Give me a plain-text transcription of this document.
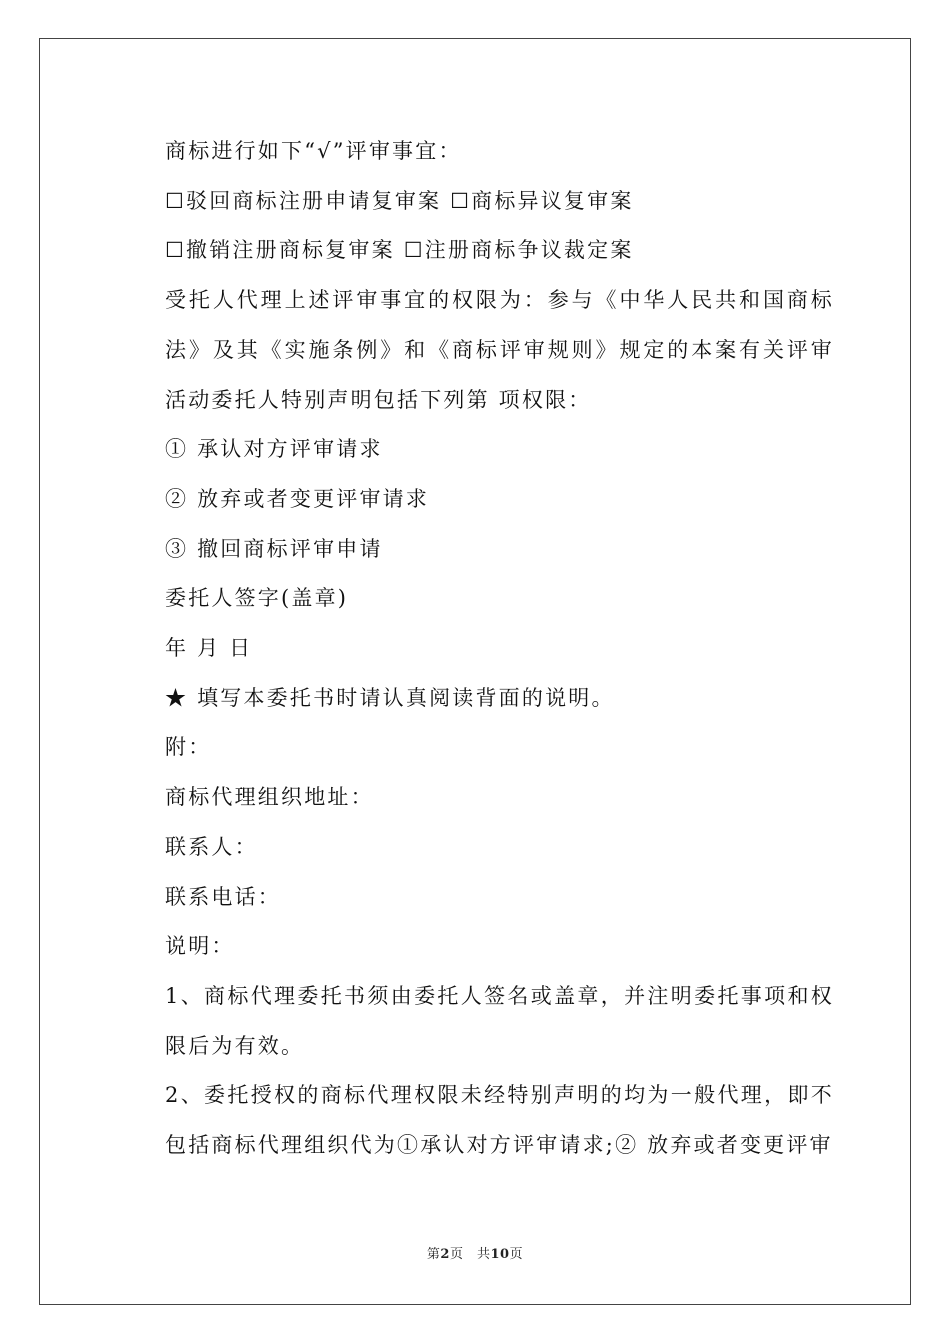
商标进行如下“√”评审事宜：

☐驳回商标注册申请复审案 ☐商标异议复审案

☐撤销注册商标复审案 ☐注册商标争议裁定案

受托人代理上述评审事宜的权限为：参与《中华人民共和国商标法》及其《实施条例》和《商标评审规则》规定的本案有关评审活动委托人特别声明包括下列第 项权限：

① 承认对方评审请求

② 放弃或者变更评审请求

③ 撤回商标评审申请

委托人签字(盖章)

年 月 日

★ 填写本委托书时请认真阅读背面的说明。

附：

商标代理组织地址：

联系人：

联系电话：

说明：

1、商标代理委托书须由委托人签名或盖章，并注明委托事项和权限后为有效。

2、委托授权的商标代理权限未经特别声明的均为一般代理，即不包括商标代理组织代为①承认对方评审请求;② 放弃或者变更评审

第2页　共10页
